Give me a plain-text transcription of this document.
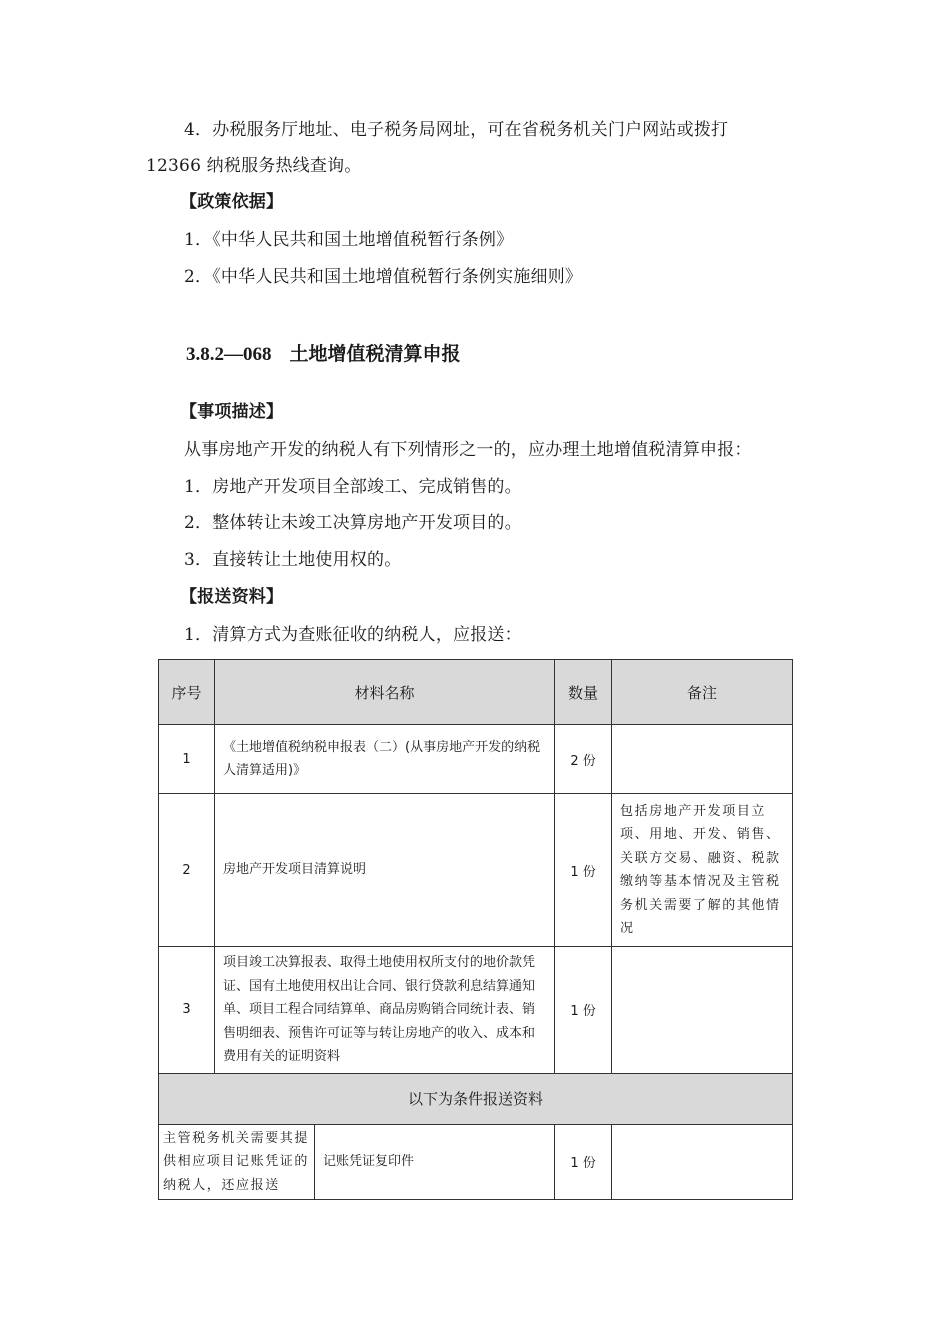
4．办税服务厅地址、电子税务局网址，可在省税务机关门户网站或拨打
12366 纳税服务热线查询。
【政策依据】
1．《中华人民共和国土地增值税暂行条例》
2．《中华人民共和国土地增值税暂行条例实施细则》
3.8.2—068 土地增值税清算申报
【事项描述】
从事房地产开发的纳税人有下列情形之一的，应办理土地增值税清算申报：
1．房地产开发项目全部竣工、完成销售的。
2．整体转让未竣工决算房地产开发项目的。
3．直接转让土地使用权的。
【报送资料】
1．清算方式为查账征收的纳税人，应报送：
序号	材料名称		数量	备注
1	《土地增值税纳税申报表（二）(从事房地产开发的纳税人清算适用)》		2 份	
2	房地产开发项目清算说明		1 份	包括房地产开发项目立项、用地、开发、销售、关联方交易、融资、税款缴纳等基本情况及主管税务机关需要了解的其他情况
3	项目竣工决算报表、取得土地使用权所支付的地价款凭证、国有土地使用权出让合同、银行贷款利息结算通知单、项目工程合同结算单、商品房购销合同统计表、销售明细表、预售许可证等与转让房地产的收入、成本和费用有关的证明资料		1 份	
以下为条件报送资料				
主管税务机关需要其提供相应项目记账凭证的纳税人，还应报送		记账凭证复印件	1 份	
